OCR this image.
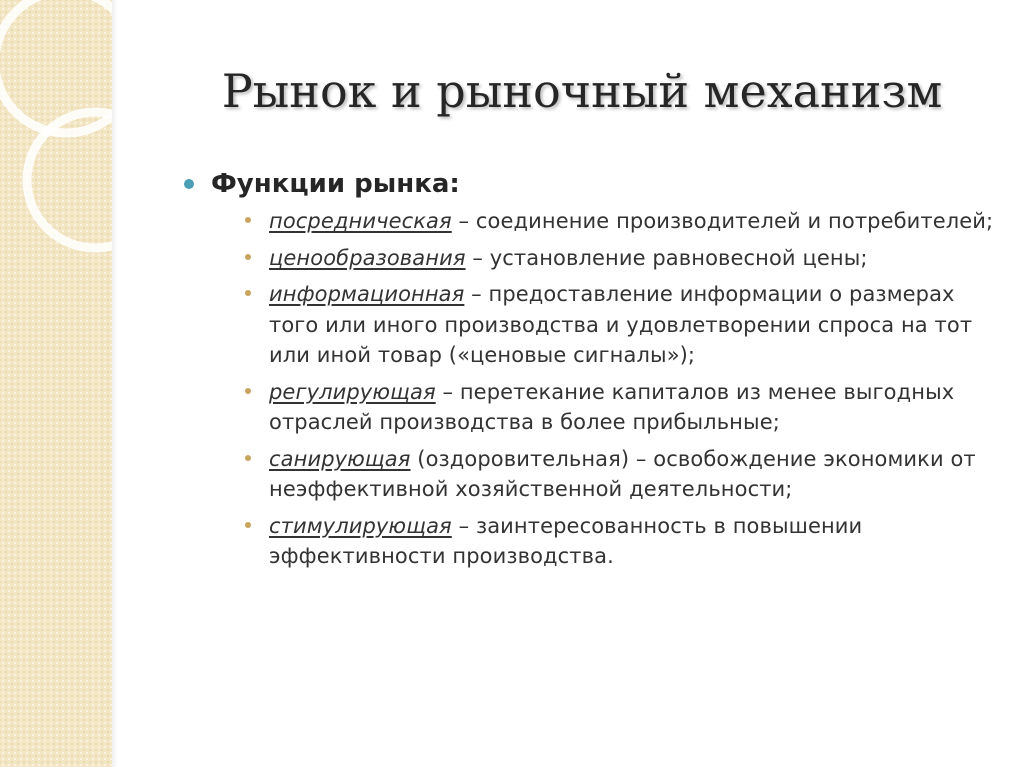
Рынок и рыночный механизм
Функции рынка:
посредническая – соединение производителей и потребителей;
ценообразования – установление равновесной цены;
информационная – предоставление информации о размерах того или иного производства и удовлетворении спроса на тот или иной товар («ценовые сигналы»);
регулирующая – перетекание капиталов из менее выгодных отраслей производства в более прибыльные;
санирующая (оздоровительная) – освобождение экономики от неэффективной хозяйственной деятельности;
стимулирующая – заинтересованность в повышении эффективности производства.
